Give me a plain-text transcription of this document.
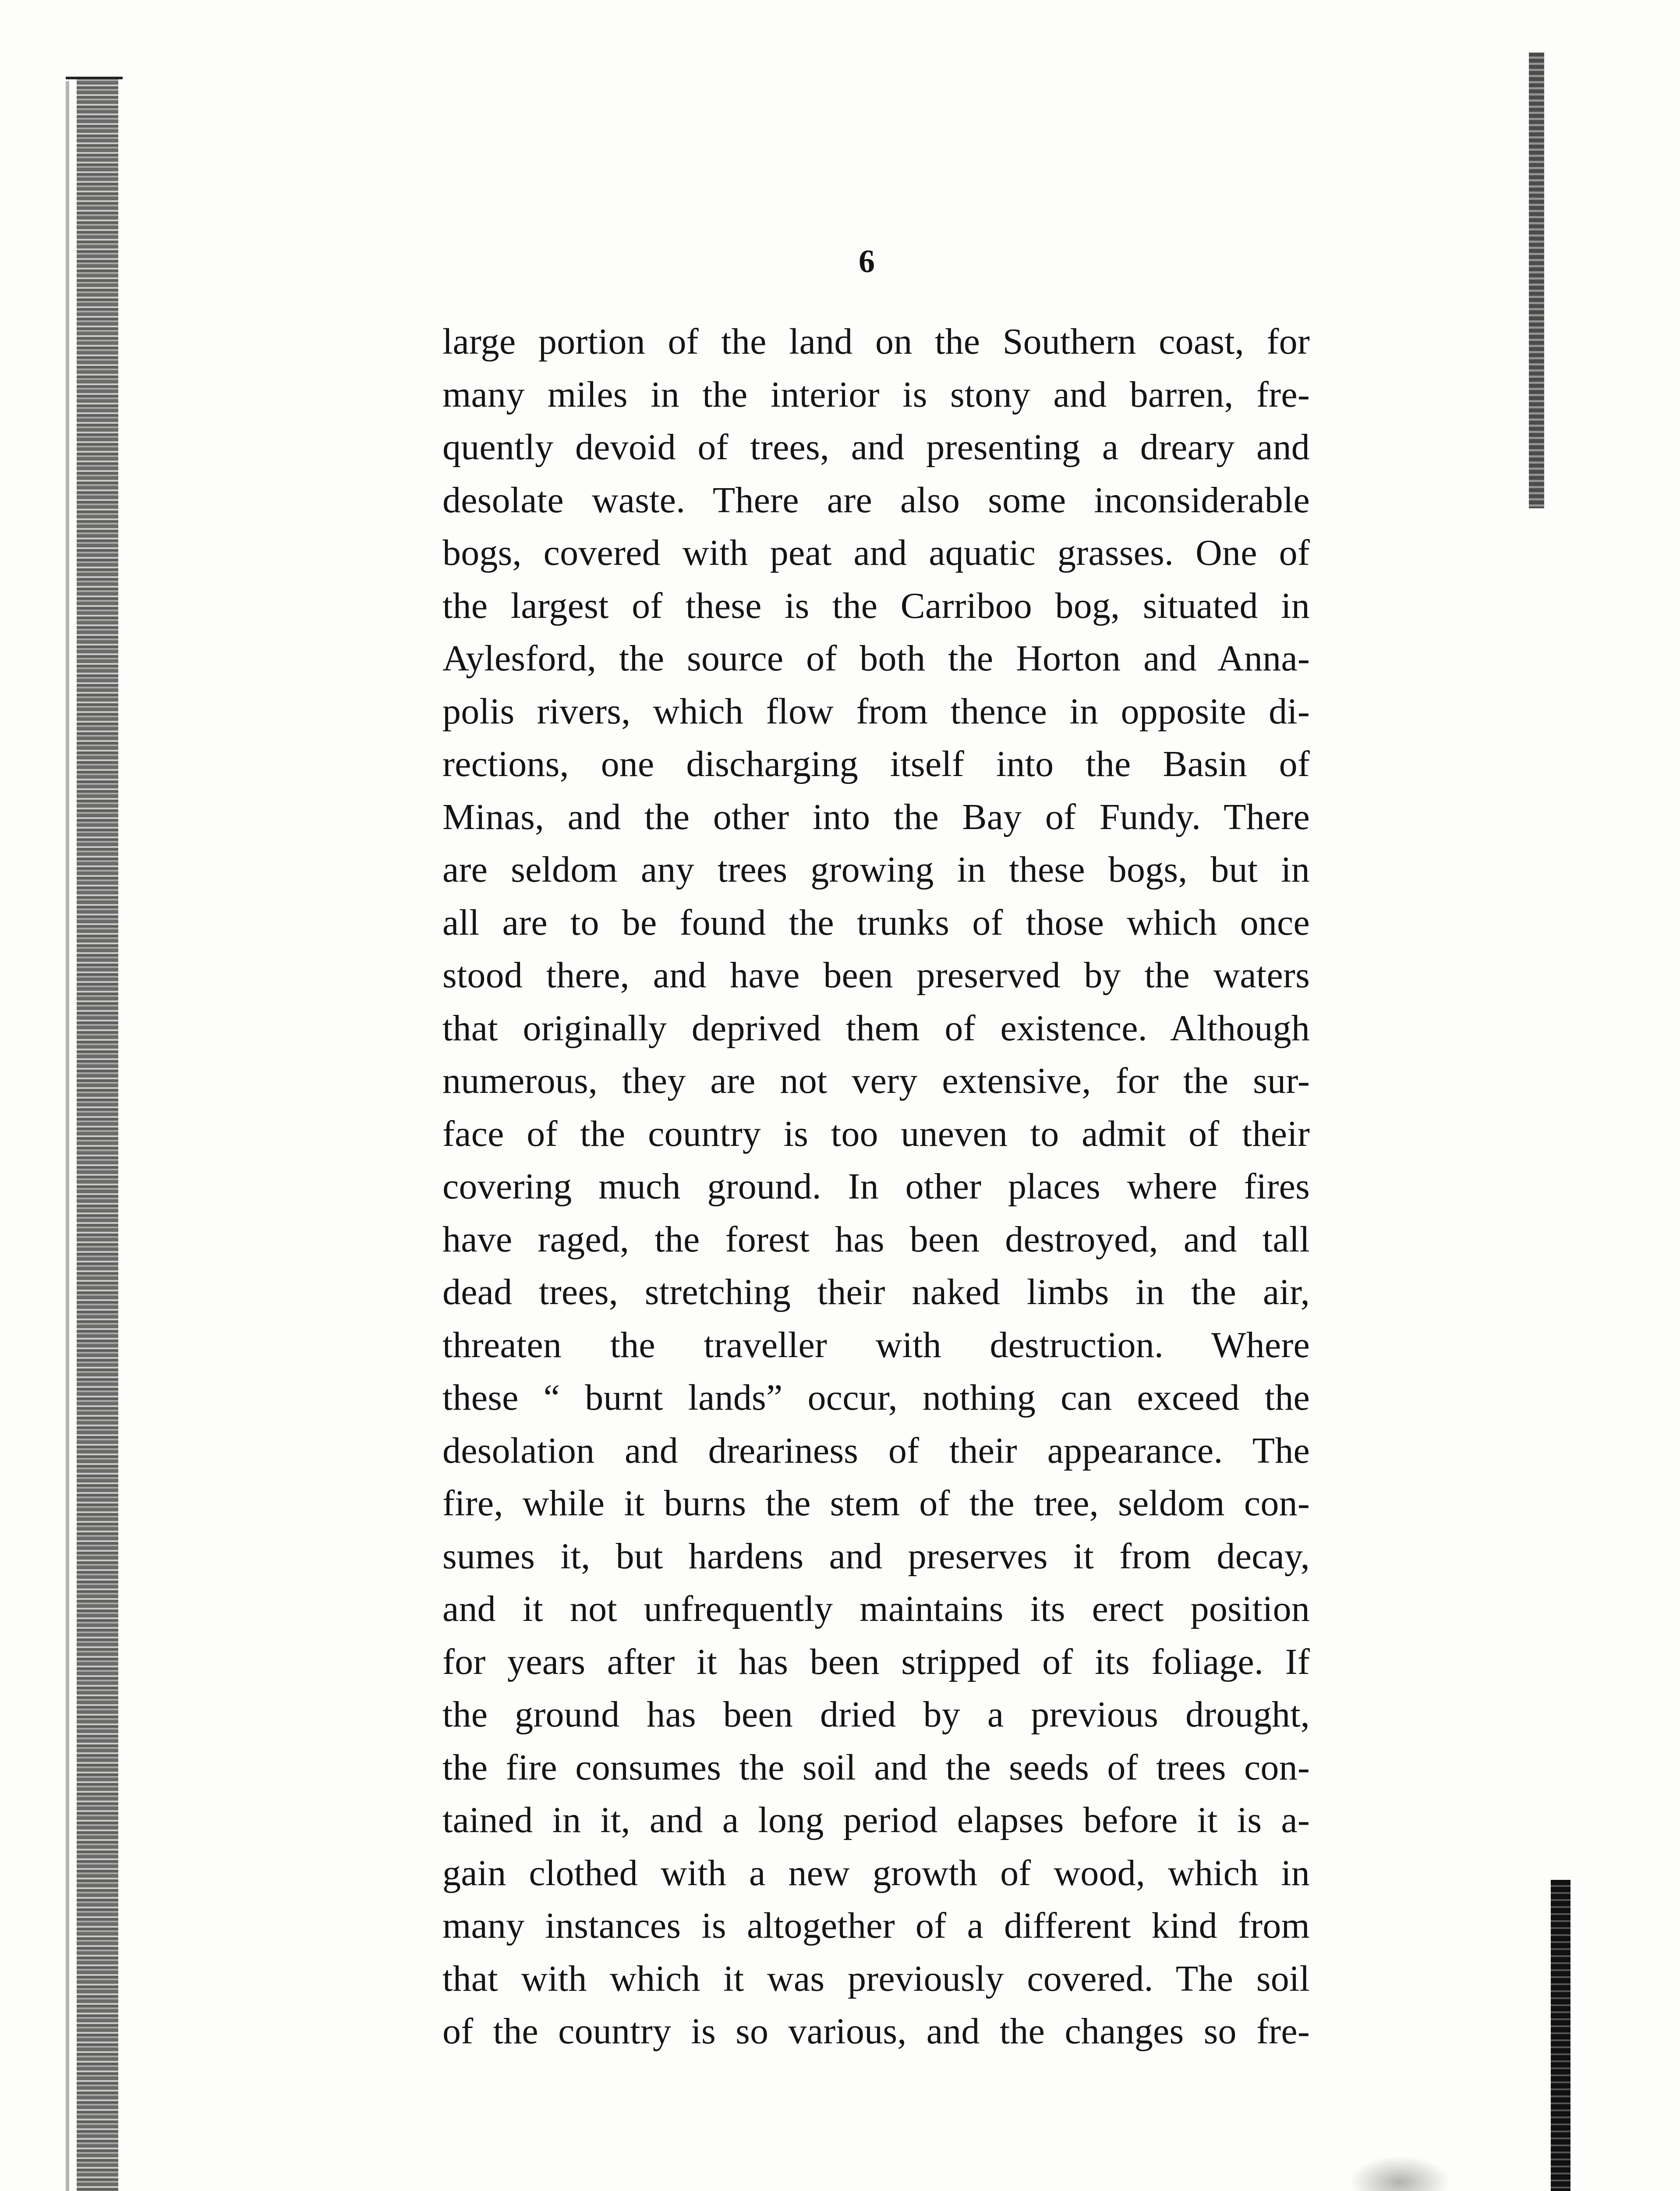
6
large portion of the land on the Southern coast, for
many miles in the interior is stony and barren, fre-
quently devoid of trees, and presenting a dreary and
desolate waste. There are also some inconsiderable
bogs, covered with peat and aquatic grasses. One of
the largest of these is the Carriboo bog, situated in
Aylesford, the source of both the Horton and Anna-
polis rivers, which flow from thence in opposite di-
rections, one discharging itself into the Basin of
Minas, and the other into the Bay of Fundy. There
are seldom any trees growing in these bogs, but in
all are to be found the trunks of those which once
stood there, and have been preserved by the waters
that originally deprived them of existence. Although
numerous, they are not very extensive, for the sur-
face of the country is too uneven to admit of their
covering much ground. In other places where fires
have raged, the forest has been destroyed, and tall
dead trees, stretching their naked limbs in the air,
threaten the traveller with destruction. Where
these “ burnt lands” occur, nothing can exceed the
desolation and dreariness of their appearance. The
fire, while it burns the stem of the tree, seldom con-
sumes it, but hardens and preserves it from decay,
and it not unfrequently maintains its erect position
for years after it has been stripped of its foliage. If
the ground has been dried by a previous drought,
the fire consumes the soil and the seeds of trees con-
tained in it, and a long period elapses before it is a-
gain clothed with a new growth of wood, which in
many instances is altogether of a different kind from
that with which it was previously covered. The soil
of the country is so various, and the changes so fre-
